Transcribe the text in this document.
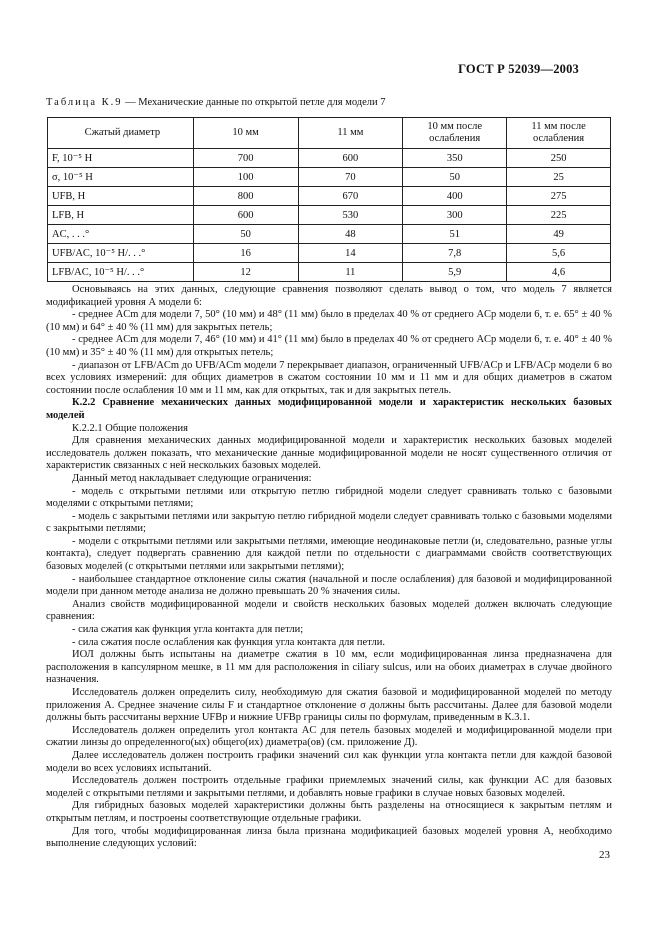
ГОСТ Р 52039—2003
Таблица К.9 — Механические данные по открытой петле для модели 7
Сжатый диаметр	10 мм	11 мм	10 мм после ослабления	11 мм после ослабления
F, 10⁻⁵ Н	700	600	350	250
σ, 10⁻⁵ Н	100	70	50	25
UFB, Н	800	670	400	275
LFB, Н	600	530	300	225
AC, . . .°	50	48	51	49
UFB/AC, 10⁻⁵ Н/. . .°	16	14	7,8	5,6
LFB/AC, 10⁻⁵ Н/. . .°	12	11	5,9	4,6

Основываясь на этих данных, следующие сравнения позволяют сделать вывод о том, что модель 7 является модификацией уровня А модели 6:

- среднее ACm для модели 7, 50° (10 мм) и 48° (11 мм) было в пределах 40 % от среднего ACp модели 6, т. е. 65° ± 40 % (10 мм) и 64° ± 40 % (11 мм) для закрытых петель;

- среднее ACm для модели 7, 46° (10 мм) и 41° (11 мм) было в пределах 40 % от среднего ACp модели 6, т. е. 40° ± 40 % (10 мм) и 35° ± 40 % (11 мм) для открытых петель;

- диапазон от LFB/ACm до UFB/ACm модели 7 перекрывает диапазон, ограниченный UFB/ACp и LFB/ACp модели 6 во всех условиях измерений: для общих диаметров в сжатом состоянии 10 мм и 11 мм и для общих диаметров в сжатом состоянии после ослабления 10 мм и 11 мм, как для открытых, так и для закрытых петель.

К.2.2 Сравнение механических данных модифицированной модели и характеристик нескольких базовых моделей

К.2.2.1 Общие положения

Для сравнения механических данных модифицированной модели и характеристик нескольких базовых моделей исследователь должен показать, что механические данные модифицированной модели не носят существенного отличия от характеристик связанных с ней нескольких базовых моделей.

Данный метод накладывает следующие ограничения:

- модель с открытыми петлями или открытую петлю гибридной модели следует сравнивать только с базовыми моделями с открытыми петлями;

- модель с закрытыми петлями или закрытую петлю гибридной модели следует сравнивать только с базовыми моделями с закрытыми петлями;

- модели с открытыми петлями или закрытыми петлями, имеющие неодинаковые петли (и, следовательно, разные углы контакта), следует подвергать сравнению для каждой петли по отдельности с диаграммами свойств соответствующих базовых моделей (с открытыми петлями или закрытыми петлями);

- наибольшее стандартное отклонение силы сжатия (начальной и после ослабления) для базовой и модифицированной модели при данном методе анализа не должно превышать 20 % значения силы.

Анализ свойств модифицированной модели и свойств нескольких базовых моделей должен включать следующие сравнения:

- сила сжатия как функция угла контакта для петли;

- сила сжатия после ослабления как функция угла контакта для петли.

ИОЛ должны быть испытаны на диаметре сжатия в 10 мм, если модифицированная линза предназначена для расположения в капсулярном мешке, в 11 мм для расположения in ciliary sulcus, или на обоих диаметрах в случае двойного назначения.

Исследователь должен определить силу, необходимую для сжатия базовой и модифицированной моделей по методу приложения А. Среднее значение силы F и стандартное отклонение σ должны быть рассчитаны. Далее для базовой модели должны быть рассчитаны верхние UFBp и нижние UFBp границы силы по формулам, приведенным в К.3.1.

Исследователь должен определить угол контакта AC для петель базовых моделей и модифицированной модели при сжатии линзы до определенного(ых) общего(их) диаметра(ов) (см. приложение Д).

Далее исследователь должен построить графики значений сил как функции угла контакта петли для каждой базовой модели во всех условиях испытаний.

Исследователь должен построить отдельные графики приемлемых значений силы, как функции AC для базовых моделей с открытыми петлями и закрытыми петлями, и добавлять новые графики в случае новых базовых моделей.

Для гибридных базовых моделей характеристики должны быть разделены на относящиеся к закрытым петлям и открытым петлям, и построены соответствующие отдельные графики.

Для того, чтобы модифицированная линза была признана модификацией базовых моделей уровня А, необходимо выполнение следующих условий:

23
